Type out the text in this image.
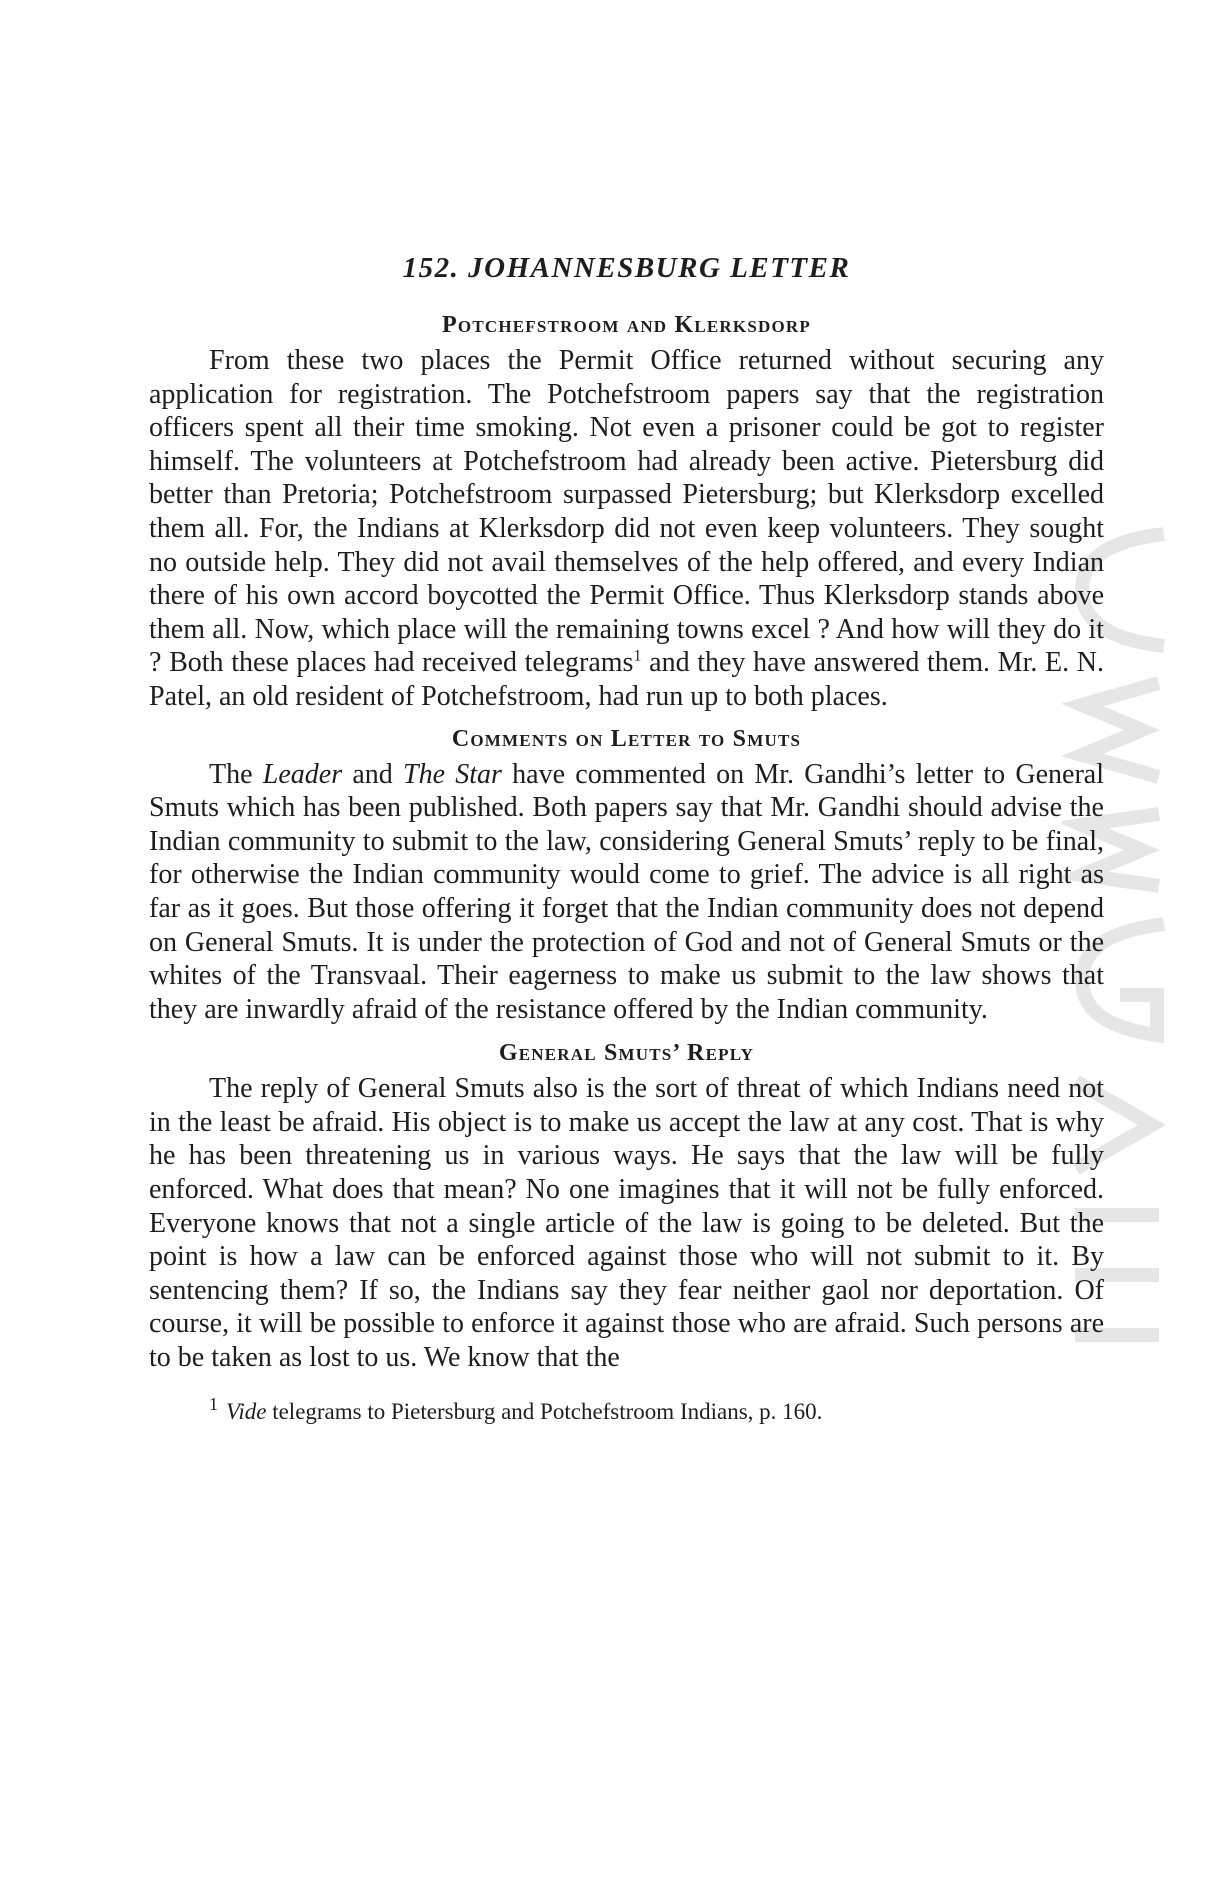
152. JOHANNESBURG LETTER
Potchefstroom and Klerksdorp

From these two places the Permit Office returned without securing any application for registration. The Potchefstroom papers say that the registration officers spent all their time smoking. Not even a prisoner could be got to register himself. The volunteers at Potchefstroom had already been active. Pietersburg did better than Pretoria; Potchefstroom surpassed Pietersburg; but Klerksdorp excelled them all. For, the Indians at Klerksdorp did not even keep volunteers. They sought no outside help. They did not avail themselves of the help offered, and every Indian there of his own accord boycotted the Permit Office. Thus Klerksdorp stands above them all. Now, which place will the remaining towns excel ? And how will they do it ? Both these places had received telegrams$^1$ and they have answered them. Mr. E. N. Patel, an old resident of Potchefstroom, had run up to both places.

Comments on Letter to Smuts

The Leader and The Star have commented on Mr. Gandhi’s letter to General Smuts which has been published. Both papers say that Mr. Gandhi should advise the Indian community to submit to the law, considering General Smuts’ reply to be final, for otherwise the Indian community would come to grief. The advice is all right as far as it goes. But those offering it forget that the Indian community does not depend on General Smuts. It is under the protection of God and not of General Smuts or the whites of the Transvaal. Their eagerness to make us submit to the law shows that they are inwardly afraid of the resistance offered by the Indian community.

General Smuts’ Reply

The reply of General Smuts also is the sort of threat of which Indians need not in the least be afraid. His object is to make us accept the law at any cost. That is why he has been threatening us in various ways. He says that the law will be fully enforced. What does that mean? No one imagines that it will not be fully enforced. Everyone knows that not a single article of the law is going to be deleted. But the point is how a law can be enforced against those who will not submit to it. By sentencing them? If so, the Indians say they fear neither gaol nor deportation. Of course, it will be possible to enforce it against those who are afraid. Such persons are to be taken as lost to us. We know that the

$^1$ Vide telegrams to Pietersburg and Potchefstroom Indians, p. 160.
